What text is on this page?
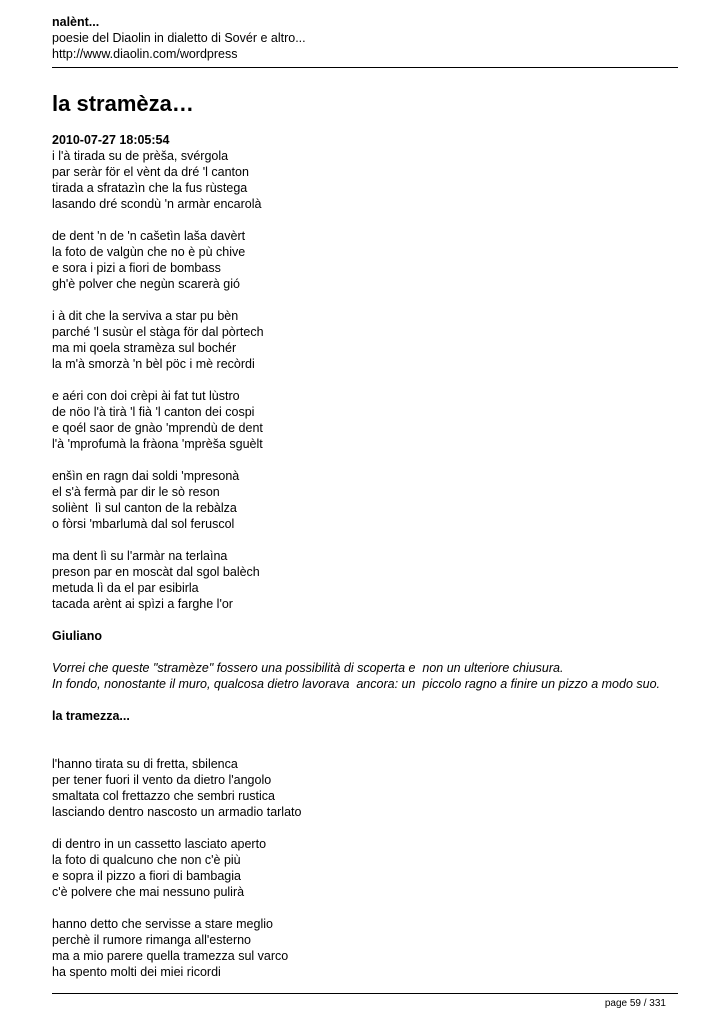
nalènt...

poesie del Diaolin in dialetto di Sovér e altro...

http://www.diaolin.com/wordpress

la stramèza…

2010-07-27 18:05:54

i l'à tirada su de prèša, svérgola

par seràr för el vènt da dré 'l canton

tirada a sfratazìn che la fus rùstega

lasando dré scondù 'n armàr encarolà

de dent 'n de 'n cašetìn laša davèrt

la foto de valgùn che no è pù chive

e sora i pizi a fiori de bombass

gh'è polver che negùn scarerà gió

i à dit che la serviva a star pu bèn

parché 'l susùr el stàga för dal pòrtech

ma mi qoela stramèza sul bochér

la m'à smorzà 'n bèl pöc i mè recòrdi

e aéri con doi crèpi ài fat tut lùstro

de nöo l'à tirà 'l fià 'l canton dei cospi

e qoél saor de gnào 'mprendù de dent

l'à 'mprofumà la fràona 'mprèša sguèlt

enšìn en ragn dai soldi 'mpresonà

el s'à fermà par dir le sò reson

soliènt  lì sul canton de la rebàlza

o fòrsi 'mbarlumà dal sol feruscol

ma dent lì su l'armàr na terlaìna

preson par en moscàt dal sgol balèch

metuda lì da el par esibirla

tacada arènt ai spìzi a farghe l'or

Giuliano

Vorrei che queste "stramèze" fossero una possibilità di scoperta e  non un ulteriore chiusura.

In fondo, nonostante il muro, qualcosa dietro lavorava  ancora: un  piccolo ragno a finire un pizzo a modo suo.

la tramezza...

l'hanno tirata su di fretta, sbilenca

per tener fuori il vento da dietro l'angolo

smaltata col frettazzo che sembri rustica

lasciando dentro nascosto un armadio tarlato

di dentro in un cassetto lasciato aperto

la foto di qualcuno che non c'è più

e sopra il pizzo a fiori di bambagia

c'è polvere che mai nessuno pulirà

hanno detto che servisse a stare meglio

perchè il rumore rimanga all'esterno

ma a mio parere quella tramezza sul varco

ha spento molti dei miei ricordi

page 59 / 331
